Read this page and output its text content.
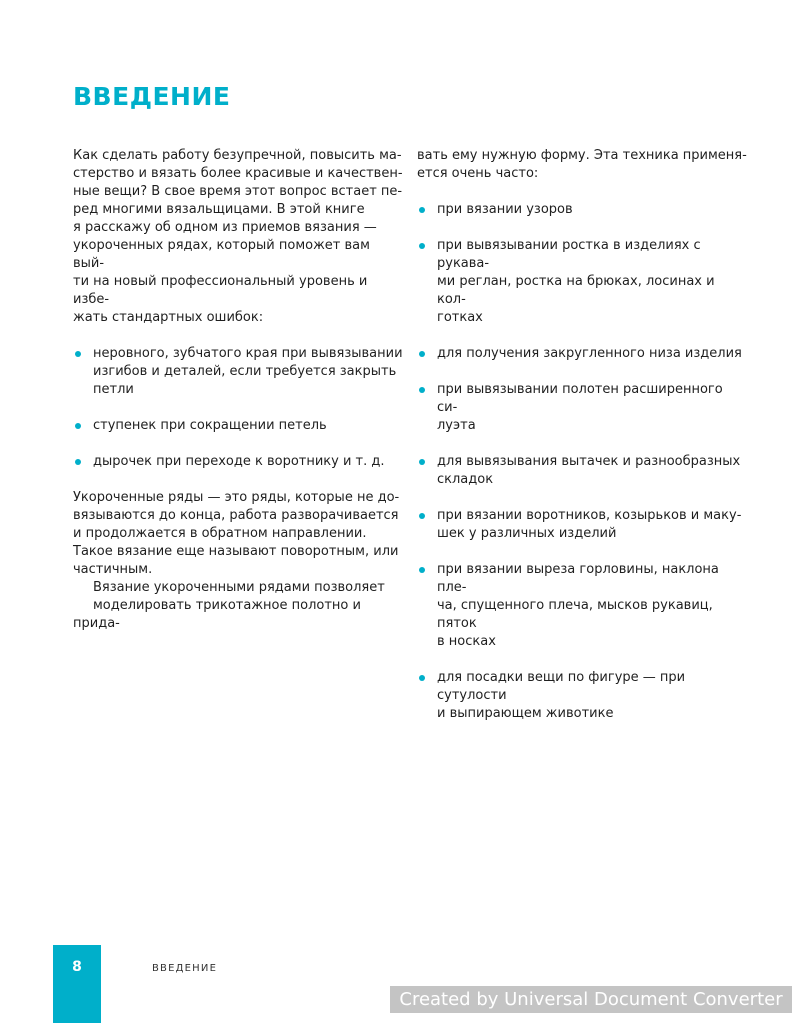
ВВЕДЕНИЕ

Как сделать работу безупречной, повысить ма-
стерство и вязать более красивые и качествен-
ные вещи? В свое время этот вопрос встает пе-
ред многими вязальщицами. В этой книге
я расскажу об одном из приемов вязания —
укороченных рядах, который поможет вам вый-
ти на новый профессиональный уровень и избе-
жать стандартных ошибок:

неровного, зубчатого края при вывязывании
изгибов и деталей, если требуется закрыть
петли
ступенек при сокращении петель
дырочек при переходе к воротнику и т. д.

Укороченные ряды — это ряды, которые не до-
вязываются до конца, работа разворачивается
и продолжается в обратном направлении.
Такое вязание еще называют поворотным, или
частичным.

Вязание укороченными рядами позволяет
моделировать трикотажное полотно и прида-

вать ему нужную форму. Эта техника применя-
ется очень часто:

при вязании узоров
при вывязывании ростка в изделиях с рукава-
ми реглан, ростка на брюках, лосинах и кол-
готках
для получения закругленного низа изделия
при вывязывании полотен расширенного си-
луэта
для вывязывания вытачек и разнообразных
складок
при вязании воротников, козырьков и маку-
шек у различных изделий
при вязании выреза горловины, наклона пле-
ча, спущенного плеча, мысков рукавиц, пяток
в носках
для посадки вещи по фигуре — при сутулости
и выпирающем животике
8	ВВЕДЕНИЕ
Created by Universal Document Converter
